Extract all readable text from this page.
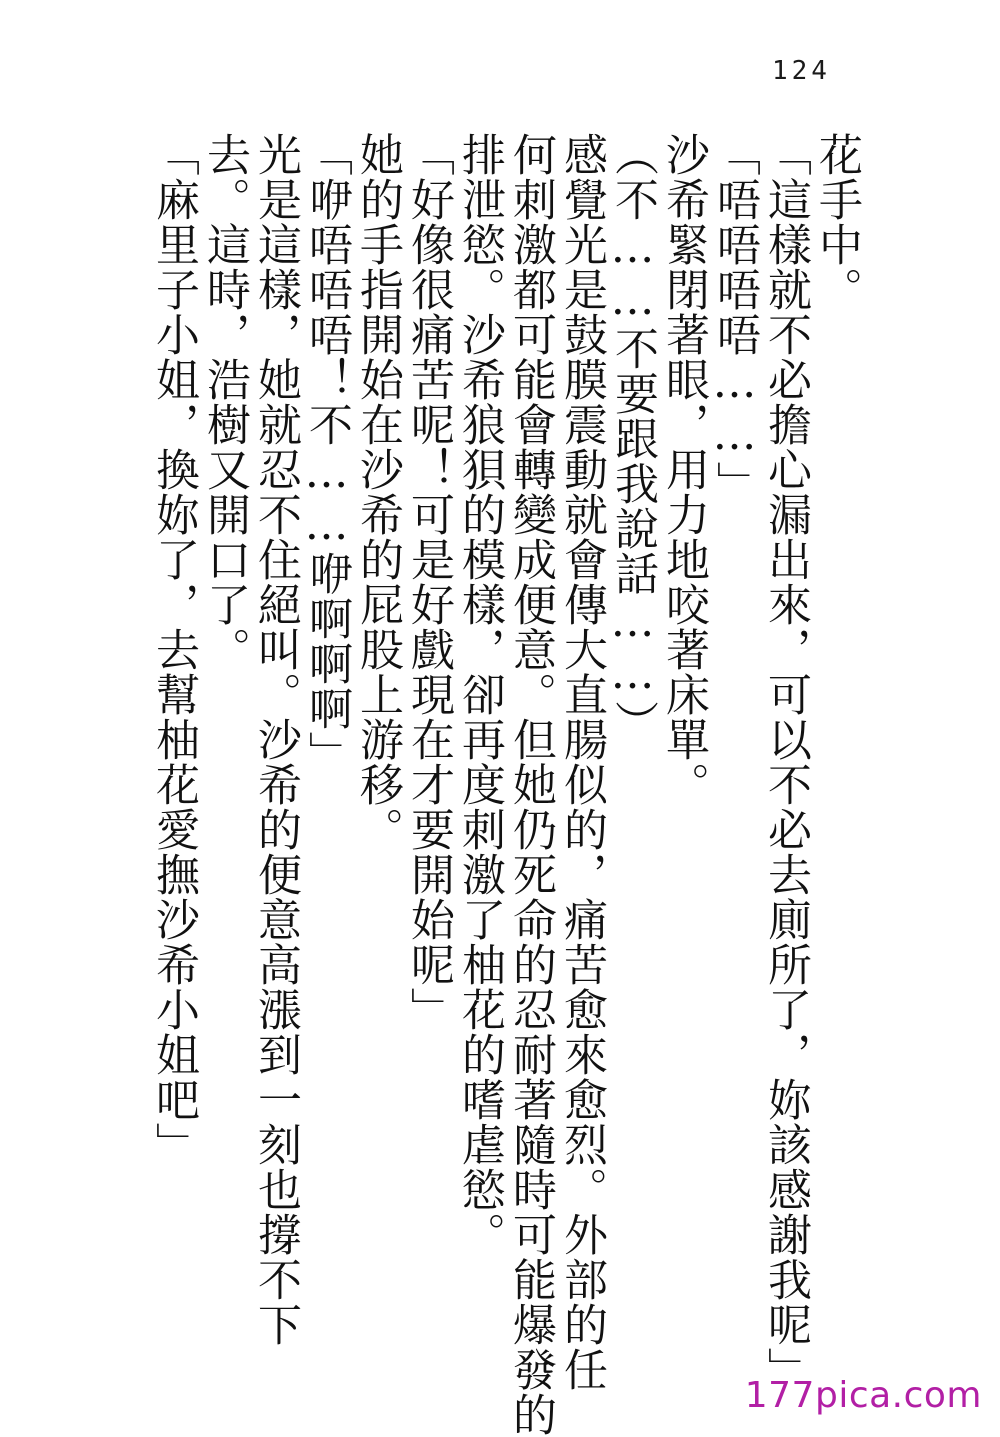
124
花手中。
「這樣就不必擔心漏出來，可以不必去廁所了，妳該感謝我呢」
「唔唔唔唔……」
沙希緊閉著眼，用力地咬著床單。
（不……不要跟我說話……）
感覺光是鼓膜震動就會傳大直腸似的，痛苦愈來愈烈。外部的任
何刺激都可能會轉變成便意。但她仍死命的忍耐著隨時可能爆發的
排泄慾。沙希狼狽的模樣，卻再度刺激了柚花的嗜虐慾。
「好像很痛苦呢！可是好戲現在才要開始呢」
她的手指開始在沙希的屁股上游移。
「咿唔唔唔！不……咿啊啊啊」
光是這樣，她就忍不住絕叫。沙希的便意高漲到一刻也撐不下
去。這時，浩樹又開口了。
「麻里子小姐，換妳了，去幫柚花愛撫沙希小姐吧」
177pica.com
